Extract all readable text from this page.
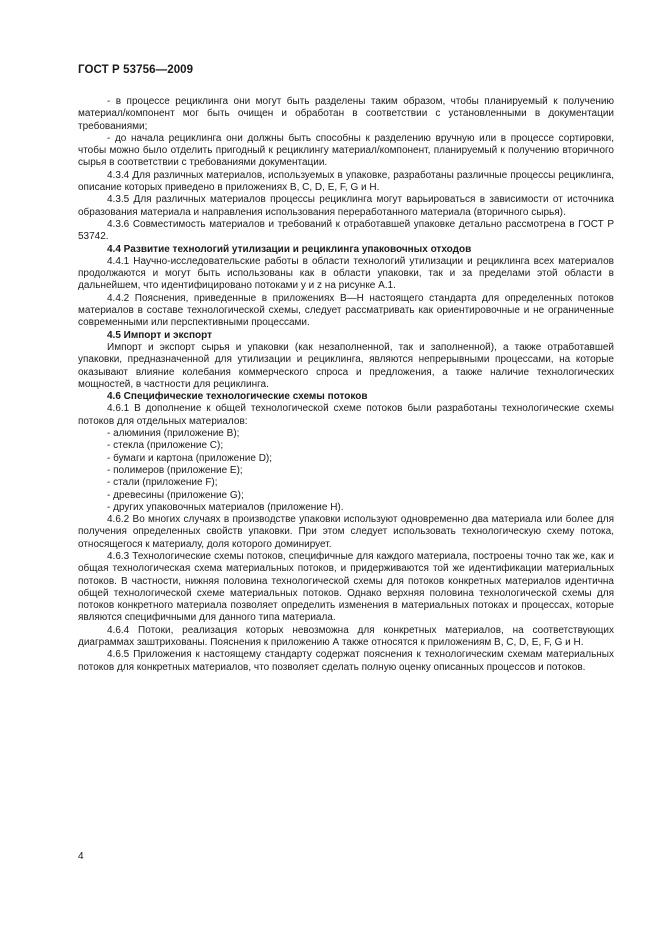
ГОСТ Р 53756—2009

- в процессе рециклинга они могут быть разделены таким образом, чтобы планируемый к получению материал/компонент мог быть очищен и обработан в соответствии с установленными в документации требованиями;

- до начала рециклинга они должны быть способны к разделению вручную или в процессе сортировки, чтобы можно было отделить пригодный к рециклингу материал/компонент, планируемый к получению вторичного сырья в соответствии с требованиями документации.

4.3.4 Для различных материалов, используемых в упаковке, разработаны различные процессы рециклинга, описание которых приведено в приложениях В, С, D, Е, F, G и Н.

4.3.5 Для различных материалов процессы рециклинга могут варьироваться в зависимости от источника образования материала и направления использования переработанного материала (вторичного сырья).

4.3.6 Совместимость материалов и требований к отработавшей упаковке детально рассмотрена в ГОСТ Р 53742.

4.4 Развитие технологий утилизации и рециклинга упаковочных отходов

4.4.1 Научно-исследовательские работы в области технологий утилизации и рециклинга всех материалов продолжаются и могут быть использованы как в области упаковки, так и за пределами этой области в дальнейшем, что идентифицировано потоками у и z на рисунке А.1.

4.4.2 Пояснения, приведенные в приложениях В—Н настоящего стандарта для определенных потоков материалов в составе технологической схемы, следует рассматривать как ориентировочные и не ограниченные современными или перспективными процессами.

4.5 Импорт и экспорт

Импорт и экспорт сырья и упаковки (как незаполненной, так и заполненной), а также отработавшей упаковки, предназначенной для утилизации и рециклинга, являются непрерывными процессами, на которые оказывают влияние колебания коммерческого спроса и предложения, а также наличие технологических мощностей, в частности для рециклинга.

4.6 Специфические технологические схемы потоков

4.6.1 В дополнение к общей технологической схеме потоков были разработаны технологические схемы потоков для отдельных материалов:

- алюминия (приложение В);

- стекла (приложение С);

- бумаги и картона (приложение D);

- полимеров (приложение Е);

- стали (приложение F);

- древесины (приложение G);

- других упаковочных материалов (приложение Н).

4.6.2 Во многих случаях в производстве упаковки используют одновременно два материала или более для получения определенных свойств упаковки. При этом следует использовать технологическую схему потока, относящегося к материалу, доля которого доминирует.

4.6.3 Технологические схемы потоков, специфичные для каждого материала, построены точно так же, как и общая технологическая схема материальных потоков, и придерживаются той же идентификации материальных потоков. В частности, нижняя половина технологической схемы для потоков конкретных материалов идентична общей технологической схеме материальных потоков. Однако верхняя половина технологической схемы для потоков конкретного материала позволяет определить изменения в материальных потоках и процессах, которые являются специфичными для данного типа материала.

4.6.4 Потоки, реализация которых невозможна для конкретных материалов, на соответствующих диаграммах заштрихованы. Пояснения к приложению А также относятся к приложениям В, С, D, Е, F, G и Н.

4.6.5 Приложения к настоящему стандарту содержат пояснения к технологическим схемам материальных потоков для конкретных материалов, что позволяет сделать полную оценку описанных процессов и потоков.

4
